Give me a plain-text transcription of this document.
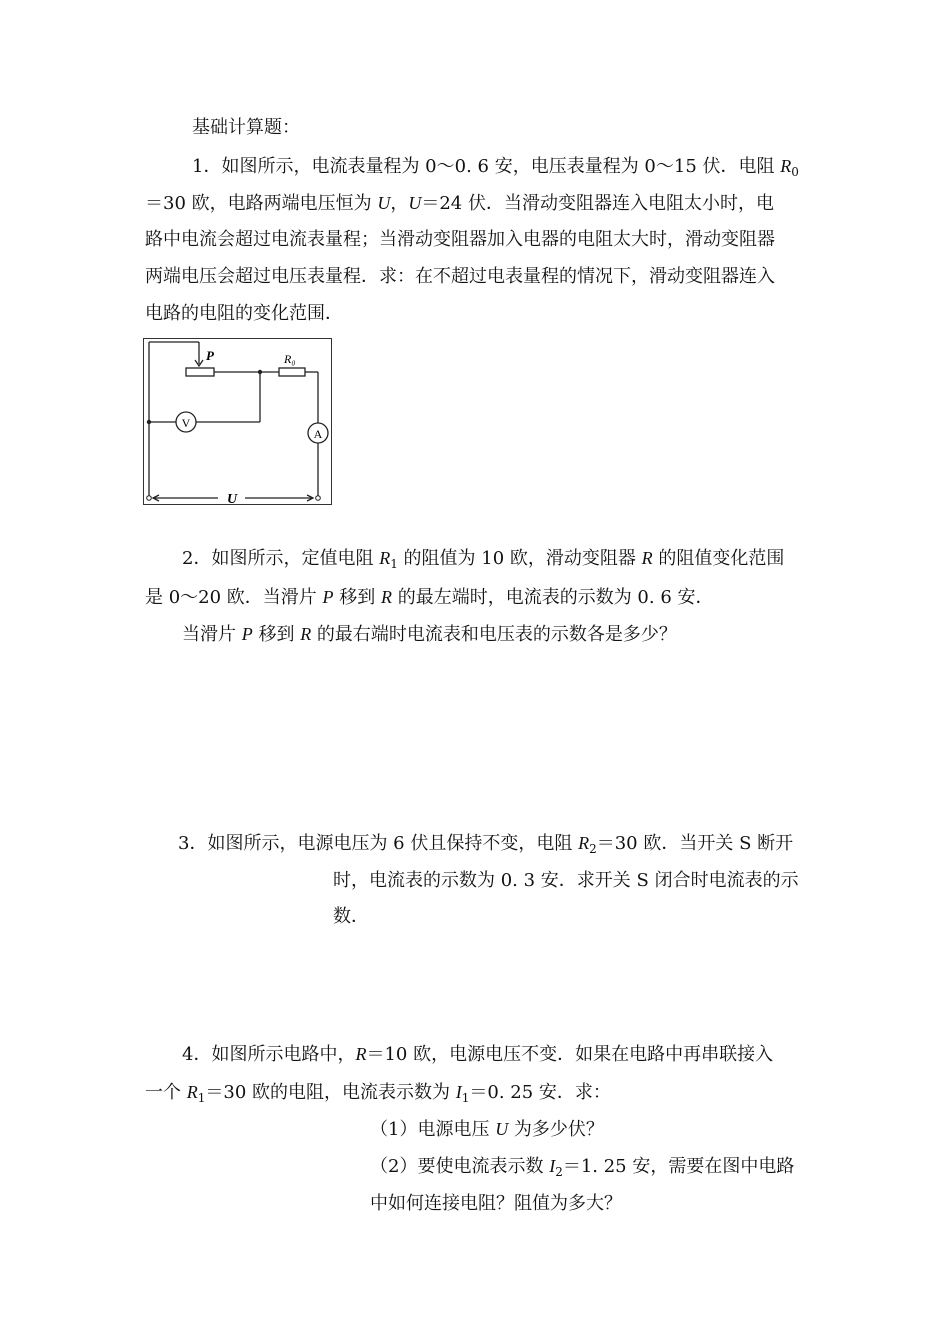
基础计算题：
1．如图所示，电流表量程为 0～0. 6 安，电压表量程为 0～15 伏．电阻 $R_0$
＝30 欧，电路两端电压恒为 U，U＝24 伏．当滑动变阻器连入电阻太小时，电
路中电流会超过电流表量程；当滑动变阻器加入电器的电阻太大时，滑动变阻器
两端电压会超过电压表量程．求：在不超过电表量程的情况下，滑动变阻器连入
电路的电阻的变化范围．
P	R₀
V
A
U
2．如图所示，定值电阻 $R_1$ 的阻值为 10 欧，滑动变阻器 R 的阻值变化范围
是 0～20 欧．当滑片 P 移到 R 的最左端时，电流表的示数为 0. 6 安．
当滑片 P 移到 R 的最右端时电流表和电压表的示数各是多少？
3．如图所示，电源电压为 6 伏且保持不变，电阻 $R_2=30$ 欧．当开关 S 断开
时，电流表的示数为 0. 3 安．求开关 S 闭合时电流表的示
数．
4．如图所示电路中，R＝10 欧，电源电压不变．如果在电路中再串联接入
一个 $R_1=30$ 欧的电阻，电流表示数为 $I_1=0$. 25 安．求：
（1）电源电压 U 为多少伏？
（2）要使电流表示数 $I_2=1$. 25 安，需要在图中电路
中如何连接电阻？阻值为多大？
